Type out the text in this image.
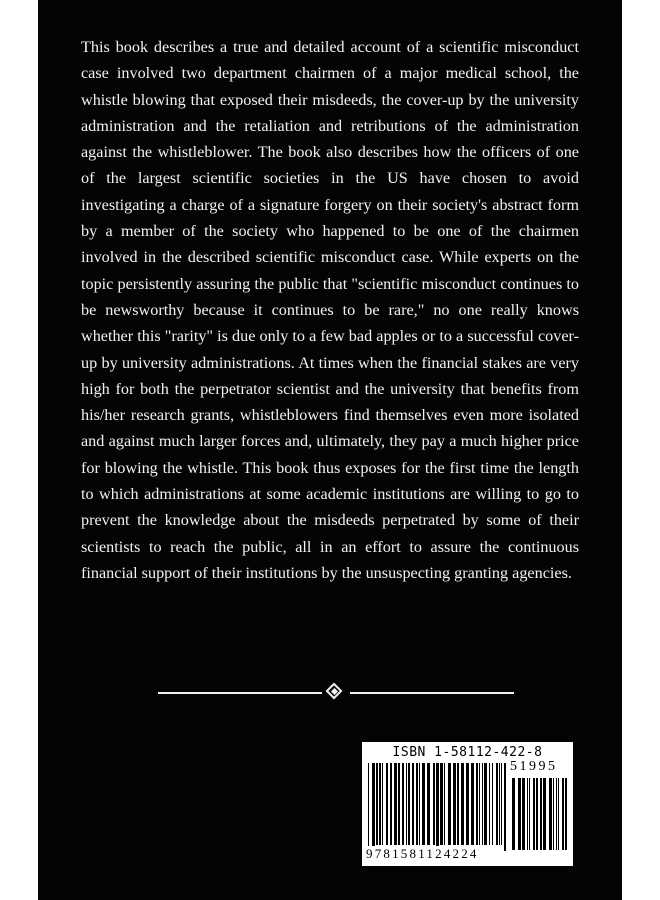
This book describes a true and detailed account of a scientific misconduct case involved two department chairmen of a major medical school, the whistle blowing that exposed their misdeeds, the cover-up by the university administration and the retaliation and retributions of the administration against the whistleblower. The book also describes how the officers of one of the largest scientific societies in the US have chosen to avoid investigating a charge of a signature forgery on their society's abstract form by a member of the society who happened to be one of the chairmen involved in the described scientific misconduct case. While experts on the topic persistently assuring the public that "scientific misconduct continues to be newsworthy because it continues to be rare," no one really knows whether this "rarity" is due only to a few bad apples or to a successful cover-up by university administrations. At times when the financial stakes are very high for both the perpetrator scientist and the university that benefits from his/her research grants, whistleblowers find themselves even more isolated and against much larger forces and, ultimately, they pay a much higher price for blowing the whistle. This book thus exposes for the first time the length to which administrations at some academic institutions are willing to go to prevent the knowledge about the misdeeds perpetrated by some of their scientists to reach the public, all in an effort to assure the continuous financial support of their institutions by the unsuspecting granting agencies.

ISBN 1-58112-422-8
51995
9781581124224
